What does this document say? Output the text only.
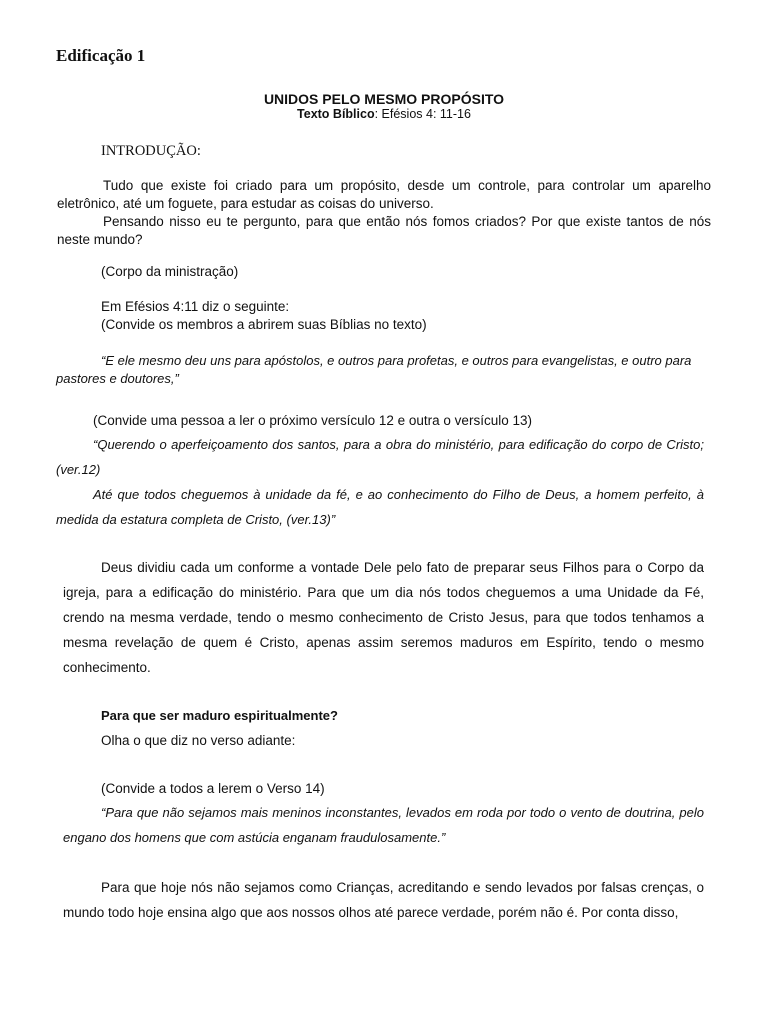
Edificação 1
UNIDOS PELO MESMO PROPÓSITO
Texto Bíblico: Efésios 4: 11-16
INTRODUÇÃO:
Tudo que existe foi criado para um propósito, desde um controle, para controlar um aparelho eletrônico, até um foguete, para estudar as coisas do universo.
Pensando nisso eu te pergunto, para que então nós fomos criados? Por que existe tantos de nós neste mundo?
(Corpo da ministração)
Em Efésios 4:11 diz o seguinte:
(Convide os membros a abrirem suas Bíblias no texto)
“E ele mesmo deu uns para apóstolos, e outros para profetas, e outros para evangelistas, e outro para pastores e doutores,”
(Convide uma pessoa a ler o próximo versículo 12 e outra o versículo 13)
“Querendo o aperfeiçoamento dos santos, para a obra do ministério, para edificação do corpo de Cristo; (ver.12)
Até que todos cheguemos à unidade da fé, e ao conhecimento do Filho de Deus, a homem perfeito, à medida da estatura completa de Cristo, (ver.13)”
Deus dividiu cada um conforme a vontade Dele pelo fato de preparar seus Filhos para o Corpo da igreja, para a edificação do ministério. Para que um dia nós todos cheguemos a uma Unidade da Fé, crendo na mesma verdade, tendo o mesmo conhecimento de Cristo Jesus, para que todos tenhamos a mesma revelação de quem é Cristo, apenas assim seremos maduros em Espírito, tendo o mesmo conhecimento.
Para que ser maduro espiritualmente?
Olha o que diz no verso adiante:
(Convide a todos a lerem o Verso 14)
“Para que não sejamos mais meninos inconstantes, levados em roda por todo o vento de doutrina, pelo engano dos homens que com astúcia enganam fraudulosamente.”
Para que hoje nós não sejamos como Crianças, acreditando e sendo levados por falsas crenças, o mundo todo hoje ensina algo que aos nossos olhos até parece verdade, porém não é. Por conta disso,
